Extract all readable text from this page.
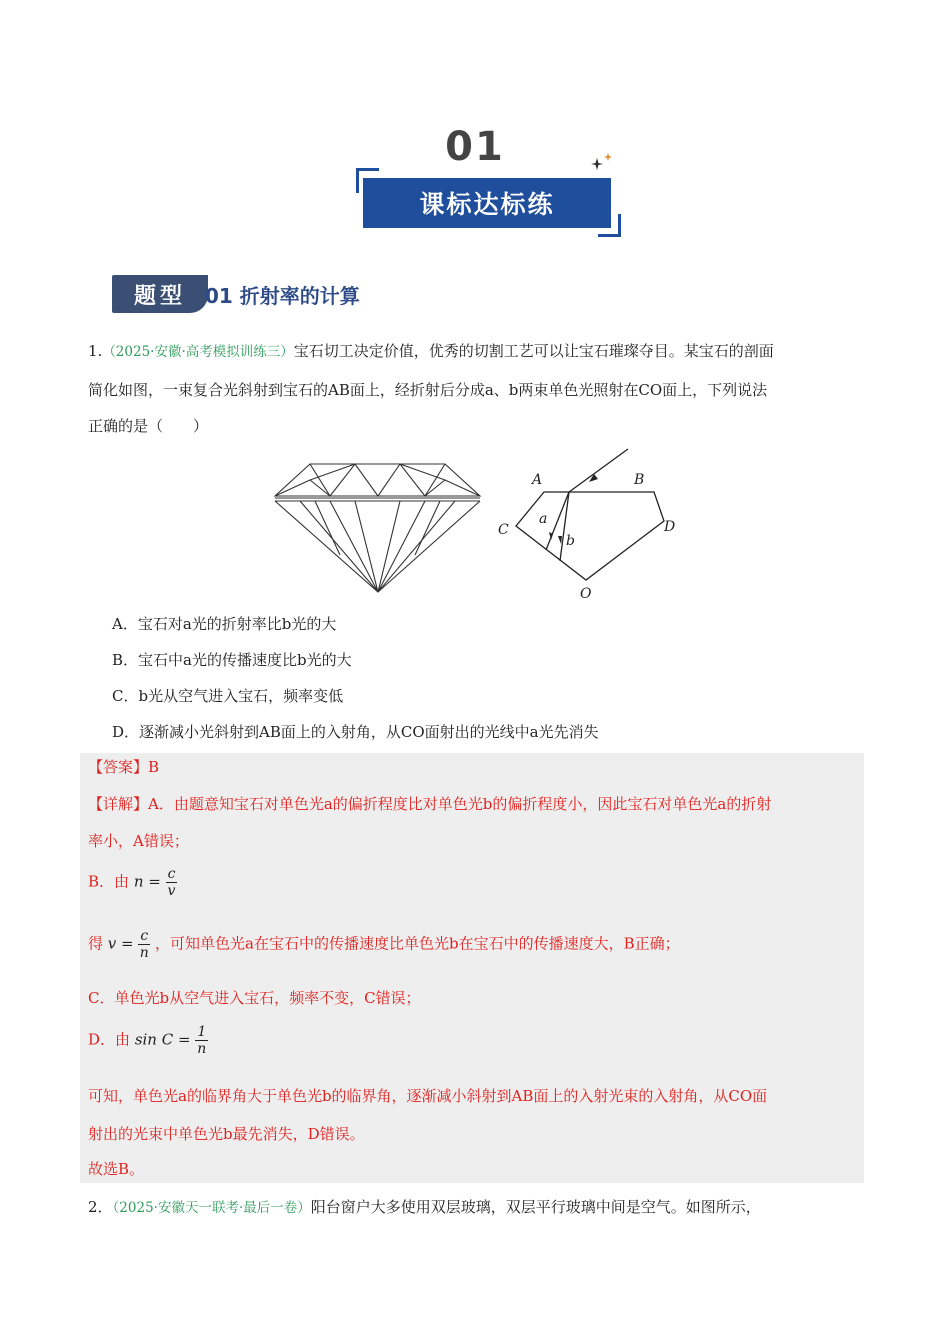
01
课标达标练
题型 01 折射率的计算
1.（2025·安徽·高考模拟训练三）宝石切工决定价值，优秀的切割工艺可以让宝石璀璨夺目。某宝石的剖面
简化如图，一束复合光斜射到宝石的AB面上，经折射后分成a、b两束单色光照射在CO面上，下列说法
正确的是（　　）
A	B
C	D
O
a
b
A．宝石对a光的折射率比b光的大
B．宝石中a光的传播速度比b光的大
C．b光从空气进入宝石，频率变低
D．逐渐减小光斜射到AB面上的入射角，从CO面射出的光线中a光先消失
【答案】B
【详解】A．由题意知宝石对单色光a的偏折程度比对单色光b的偏折程度小，因此宝石对单色光a的折射
率小，A错误；
B．由 $n = \frac{c}{v}$
得 $v = \frac{c}{n}$ ，可知单色光a在宝石中的传播速度比单色光b在宝石中的传播速度大，B正确；
C．单色光b从空气进入宝石，频率不变，C错误；
D．由 $\sin C = \frac{1}{n}$
可知，单色光a的临界角大于单色光b的临界角，逐渐减小斜射到AB面上的入射光束的入射角，从CO面
射出的光束中单色光b最先消失，D错误。
故选B。
2．（2025·安徽天一联考·最后一卷）阳台窗户大多使用双层玻璃，双层平行玻璃中间是空气。如图所示，
